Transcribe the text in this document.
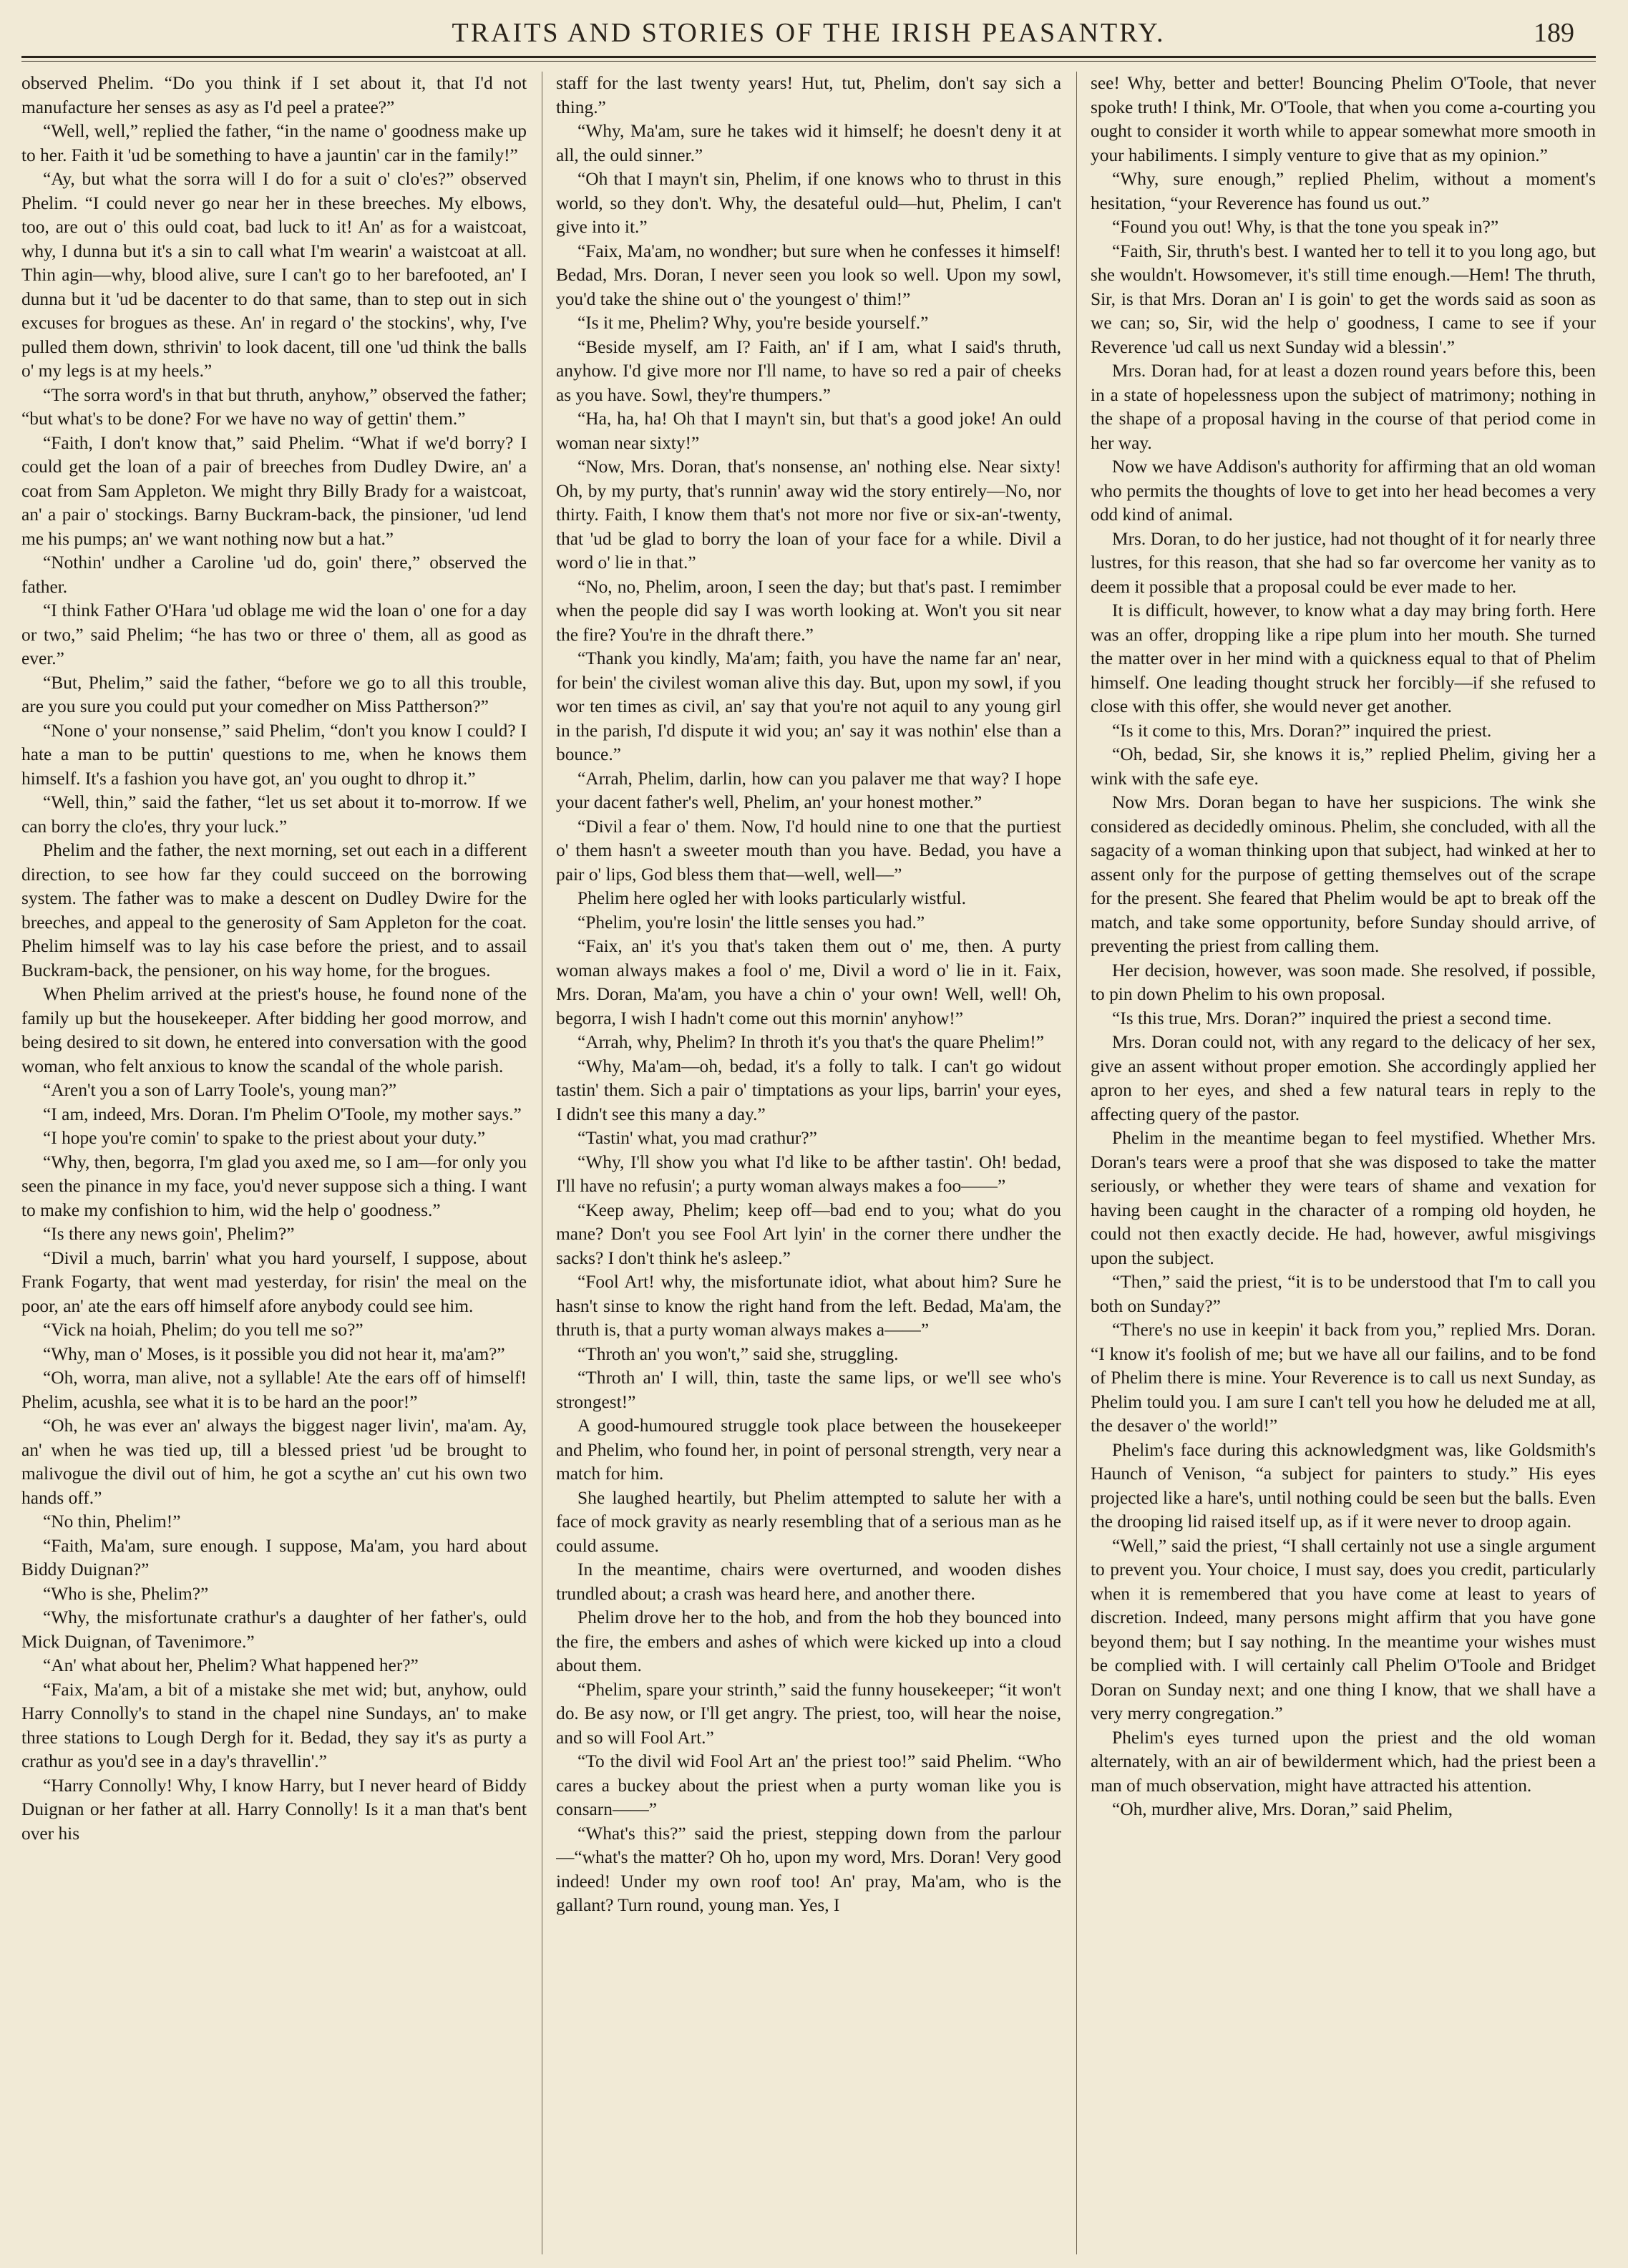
TRAITS AND STORIES OF THE IRISH PEASANTRY.	189

observed Phelim. “Do you think if I set about it, that I'd not manufacture her senses as asy as I'd peel a pratee?”

“Well, well,” replied the father, “in the name o' goodness make up to her. Faith it 'ud be something to have a jauntin' car in the family!”

“Ay, but what the sorra will I do for a suit o' clo'es?” observed Phelim. “I could never go near her in these breeches. My elbows, too, are out o' this ould coat, bad luck to it! An' as for a waistcoat, why, I dunna but it's a sin to call what I'm wearin' a waistcoat at all. Thin agin—why, blood alive, sure I can't go to her barefooted, an' I dunna but it 'ud be dacenter to do that same, than to step out in sich excuses for brogues as these. An' in regard o' the stockins', why, I've pulled them down, sthrivin' to look dacent, till one 'ud think the balls o' my legs is at my heels.”

“The sorra word's in that but thruth, anyhow,” observed the father; “but what's to be done? For we have no way of gettin' them.”

“Faith, I don't know that,” said Phelim. “What if we'd borry? I could get the loan of a pair of breeches from Dudley Dwire, an' a coat from Sam Appleton. We might thry Billy Brady for a waistcoat, an' a pair o' stockings. Barny Buckram-back, the pinsioner, 'ud lend me his pumps; an' we want nothing now but a hat.”

“Nothin' undher a Caroline 'ud do, goin' there,” observed the father.

“I think Father O'Hara 'ud oblage me wid the loan o' one for a day or two,” said Phelim; “he has two or three o' them, all as good as ever.”

“But, Phelim,” said the father, “before we go to all this trouble, are you sure you could put your comedher on Miss Pattherson?”

“None o' your nonsense,” said Phelim, “don't you know I could? I hate a man to be puttin' questions to me, when he knows them himself. It's a fashion you have got, an' you ought to dhrop it.”

“Well, thin,” said the father, “let us set about it to-morrow. If we can borry the clo'es, thry your luck.”

Phelim and the father, the next morning, set out each in a different direction, to see how far they could succeed on the borrowing system. The father was to make a descent on Dudley Dwire for the breeches, and appeal to the generosity of Sam Appleton for the coat. Phelim himself was to lay his case before the priest, and to assail Buckram-back, the pensioner, on his way home, for the brogues.

When Phelim arrived at the priest's house, he found none of the family up but the housekeeper. After bidding her good morrow, and being desired to sit down, he entered into conversation with the good woman, who felt anxious to know the scandal of the whole parish.

“Aren't you a son of Larry Toole's, young man?”

“I am, indeed, Mrs. Doran. I'm Phelim O'Toole, my mother says.”

“I hope you're comin' to spake to the priest about your duty.”

“Why, then, begorra, I'm glad you axed me, so I am—for only you seen the pinance in my face, you'd never suppose sich a thing. I want to make my confishion to him, wid the help o' goodness.”

“Is there any news goin', Phelim?”

“Divil a much, barrin' what you hard yourself, I suppose, about Frank Fogarty, that went mad yesterday, for risin' the meal on the poor, an' ate the ears off himself afore anybody could see him.

“Vick na hoiah, Phelim; do you tell me so?”

“Why, man o' Moses, is it possible you did not hear it, ma'am?”

“Oh, worra, man alive, not a syllable! Ate the ears off of himself! Phelim, acushla, see what it is to be hard an the poor!”

“Oh, he was ever an' always the biggest nager livin', ma'am. Ay, an' when he was tied up, till a blessed priest 'ud be brought to malivogue the divil out of him, he got a scythe an' cut his own two hands off.”

“No thin, Phelim!”

“Faith, Ma'am, sure enough. I suppose, Ma'am, you hard about Biddy Duignan?”

“Who is she, Phelim?”

“Why, the misfortunate crathur's a daughter of her father's, ould Mick Duignan, of Tavenimore.”

“An' what about her, Phelim? What happened her?”

“Faix, Ma'am, a bit of a mistake she met wid; but, anyhow, ould Harry Connolly's to stand in the chapel nine Sundays, an' to make three stations to Lough Dergh for it. Bedad, they say it's as purty a crathur as you'd see in a day's thravellin'.”

“Harry Connolly! Why, I know Harry, but I never heard of Biddy Duignan or her father at all. Harry Connolly! Is it a man that's bent over his

staff for the last twenty years! Hut, tut, Phelim, don't say sich a thing.”

“Why, Ma'am, sure he takes wid it himself; he doesn't deny it at all, the ould sinner.”

“Oh that I mayn't sin, Phelim, if one knows who to thrust in this world, so they don't. Why, the desateful ould—hut, Phelim, I can't give into it.”

“Faix, Ma'am, no wondher; but sure when he confesses it himself! Bedad, Mrs. Doran, I never seen you look so well. Upon my sowl, you'd take the shine out o' the youngest o' thim!”

“Is it me, Phelim? Why, you're beside yourself.”

“Beside myself, am I? Faith, an' if I am, what I said's thruth, anyhow. I'd give more nor I'll name, to have so red a pair of cheeks as you have. Sowl, they're thumpers.”

“Ha, ha, ha! Oh that I mayn't sin, but that's a good joke! An ould woman near sixty!”

“Now, Mrs. Doran, that's nonsense, an' nothing else. Near sixty! Oh, by my purty, that's runnin' away wid the story entirely—No, nor thirty. Faith, I know them that's not more nor five or six-an'-twenty, that 'ud be glad to borry the loan of your face for a while. Divil a word o' lie in that.”

“No, no, Phelim, aroon, I seen the day; but that's past. I remimber when the people did say I was worth looking at. Won't you sit near the fire? You're in the dhraft there.”

“Thank you kindly, Ma'am; faith, you have the name far an' near, for bein' the civilest woman alive this day. But, upon my sowl, if you wor ten times as civil, an' say that you're not aquil to any young girl in the parish, I'd dispute it wid you; an' say it was nothin' else than a bounce.”

“Arrah, Phelim, darlin, how can you palaver me that way? I hope your dacent father's well, Phelim, an' your honest mother.”

“Divil a fear o' them. Now, I'd hould nine to one that the purtiest o' them hasn't a sweeter mouth than you have. Bedad, you have a pair o' lips, God bless them that—well, well—”

Phelim here ogled her with looks particularly wistful.

“Phelim, you're losin' the little senses you had.”

“Faix, an' it's you that's taken them out o' me, then. A purty woman always makes a fool o' me, Divil a word o' lie in it. Faix, Mrs. Doran, Ma'am, you have a chin o' your own! Well, well! Oh, begorra, I wish I hadn't come out this mornin' anyhow!”

“Arrah, why, Phelim? In throth it's you that's the quare Phelim!”

“Why, Ma'am—oh, bedad, it's a folly to talk. I can't go widout tastin' them. Sich a pair o' timptations as your lips, barrin' your eyes, I didn't see this many a day.”

“Tastin' what, you mad crathur?”

“Why, I'll show you what I'd like to be afther tastin'. Oh! bedad, I'll have no refusin'; a purty woman always makes a foo——”

“Keep away, Phelim; keep off—bad end to you; what do you mane? Don't you see Fool Art lyin' in the corner there undher the sacks? I don't think he's asleep.”

“Fool Art! why, the misfortunate idiot, what about him? Sure he hasn't sinse to know the right hand from the left. Bedad, Ma'am, the thruth is, that a purty woman always makes a——”

“Throth an' you won't,” said she, struggling.

“Throth an' I will, thin, taste the same lips, or we'll see who's strongest!”

A good-humoured struggle took place between the housekeeper and Phelim, who found her, in point of personal strength, very near a match for him.

She laughed heartily, but Phelim attempted to salute her with a face of mock gravity as nearly resembling that of a serious man as he could assume.

In the meantime, chairs were overturned, and wooden dishes trundled about; a crash was heard here, and another there.

Phelim drove her to the hob, and from the hob they bounced into the fire, the embers and ashes of which were kicked up into a cloud about them.

“Phelim, spare your strinth,” said the funny housekeeper; “it won't do. Be asy now, or I'll get angry. The priest, too, will hear the noise, and so will Fool Art.”

“To the divil wid Fool Art an' the priest too!” said Phelim. “Who cares a buckey about the priest when a purty woman like you is consarn——”

“What's this?” said the priest, stepping down from the parlour—“what's the matter? Oh ho, upon my word, Mrs. Doran! Very good indeed! Under my own roof too! An' pray, Ma'am, who is the gallant? Turn round, young man. Yes, I

see! Why, better and better! Bouncing Phelim O'Toole, that never spoke truth! I think, Mr. O'Toole, that when you come a-courting you ought to consider it worth while to appear somewhat more smooth in your habiliments. I simply venture to give that as my opinion.”

“Why, sure enough,” replied Phelim, without a moment's hesitation, “your Reverence has found us out.”

“Found you out! Why, is that the tone you speak in?”

“Faith, Sir, thruth's best. I wanted her to tell it to you long ago, but she wouldn't. Howsomever, it's still time enough.—Hem! The thruth, Sir, is that Mrs. Doran an' I is goin' to get the words said as soon as we can; so, Sir, wid the help o' goodness, I came to see if your Reverence 'ud call us next Sunday wid a blessin'.”

Mrs. Doran had, for at least a dozen round years before this, been in a state of hopelessness upon the subject of matrimony; nothing in the shape of a proposal having in the course of that period come in her way.

Now we have Addison's authority for affirming that an old woman who permits the thoughts of love to get into her head becomes a very odd kind of animal.

Mrs. Doran, to do her justice, had not thought of it for nearly three lustres, for this reason, that she had so far overcome her vanity as to deem it possible that a proposal could be ever made to her.

It is difficult, however, to know what a day may bring forth. Here was an offer, dropping like a ripe plum into her mouth. She turned the matter over in her mind with a quickness equal to that of Phelim himself. One leading thought struck her forcibly—if she refused to close with this offer, she would never get another.

“Is it come to this, Mrs. Doran?” inquired the priest.

“Oh, bedad, Sir, she knows it is,” replied Phelim, giving her a wink with the safe eye.

Now Mrs. Doran began to have her suspicions. The wink she considered as decidedly ominous. Phelim, she concluded, with all the sagacity of a woman thinking upon that subject, had winked at her to assent only for the purpose of getting themselves out of the scrape for the present. She feared that Phelim would be apt to break off the match, and take some opportunity, before Sunday should arrive, of preventing the priest from calling them.

Her decision, however, was soon made. She resolved, if possible, to pin down Phelim to his own proposal.

“Is this true, Mrs. Doran?” inquired the priest a second time.

Mrs. Doran could not, with any regard to the delicacy of her sex, give an assent without proper emotion. She accordingly applied her apron to her eyes, and shed a few natural tears in reply to the affecting query of the pastor.

Phelim in the meantime began to feel mystified. Whether Mrs. Doran's tears were a proof that she was disposed to take the matter seriously, or whether they were tears of shame and vexation for having been caught in the character of a romping old hoyden, he could not then exactly decide. He had, however, awful misgivings upon the subject.

“Then,” said the priest, “it is to be understood that I'm to call you both on Sunday?”

“There's no use in keepin' it back from you,” replied Mrs. Doran. “I know it's foolish of me; but we have all our failins, and to be fond of Phelim there is mine. Your Reverence is to call us next Sunday, as Phelim tould you. I am sure I can't tell you how he deluded me at all, the desaver o' the world!”

Phelim's face during this acknowledgment was, like Goldsmith's Haunch of Venison, “a subject for painters to study.” His eyes projected like a hare's, until nothing could be seen but the balls. Even the drooping lid raised itself up, as if it were never to droop again.

“Well,” said the priest, “I shall certainly not use a single argument to prevent you. Your choice, I must say, does you credit, particularly when it is remembered that you have come at least to years of discretion. Indeed, many persons might affirm that you have gone beyond them; but I say nothing. In the meantime your wishes must be complied with. I will certainly call Phelim O'Toole and Bridget Doran on Sunday next; and one thing I know, that we shall have a very merry congregation.”

Phelim's eyes turned upon the priest and the old woman alternately, with an air of bewilderment which, had the priest been a man of much observation, might have attracted his attention.

“Oh, murdher alive, Mrs. Doran,” said Phelim,
